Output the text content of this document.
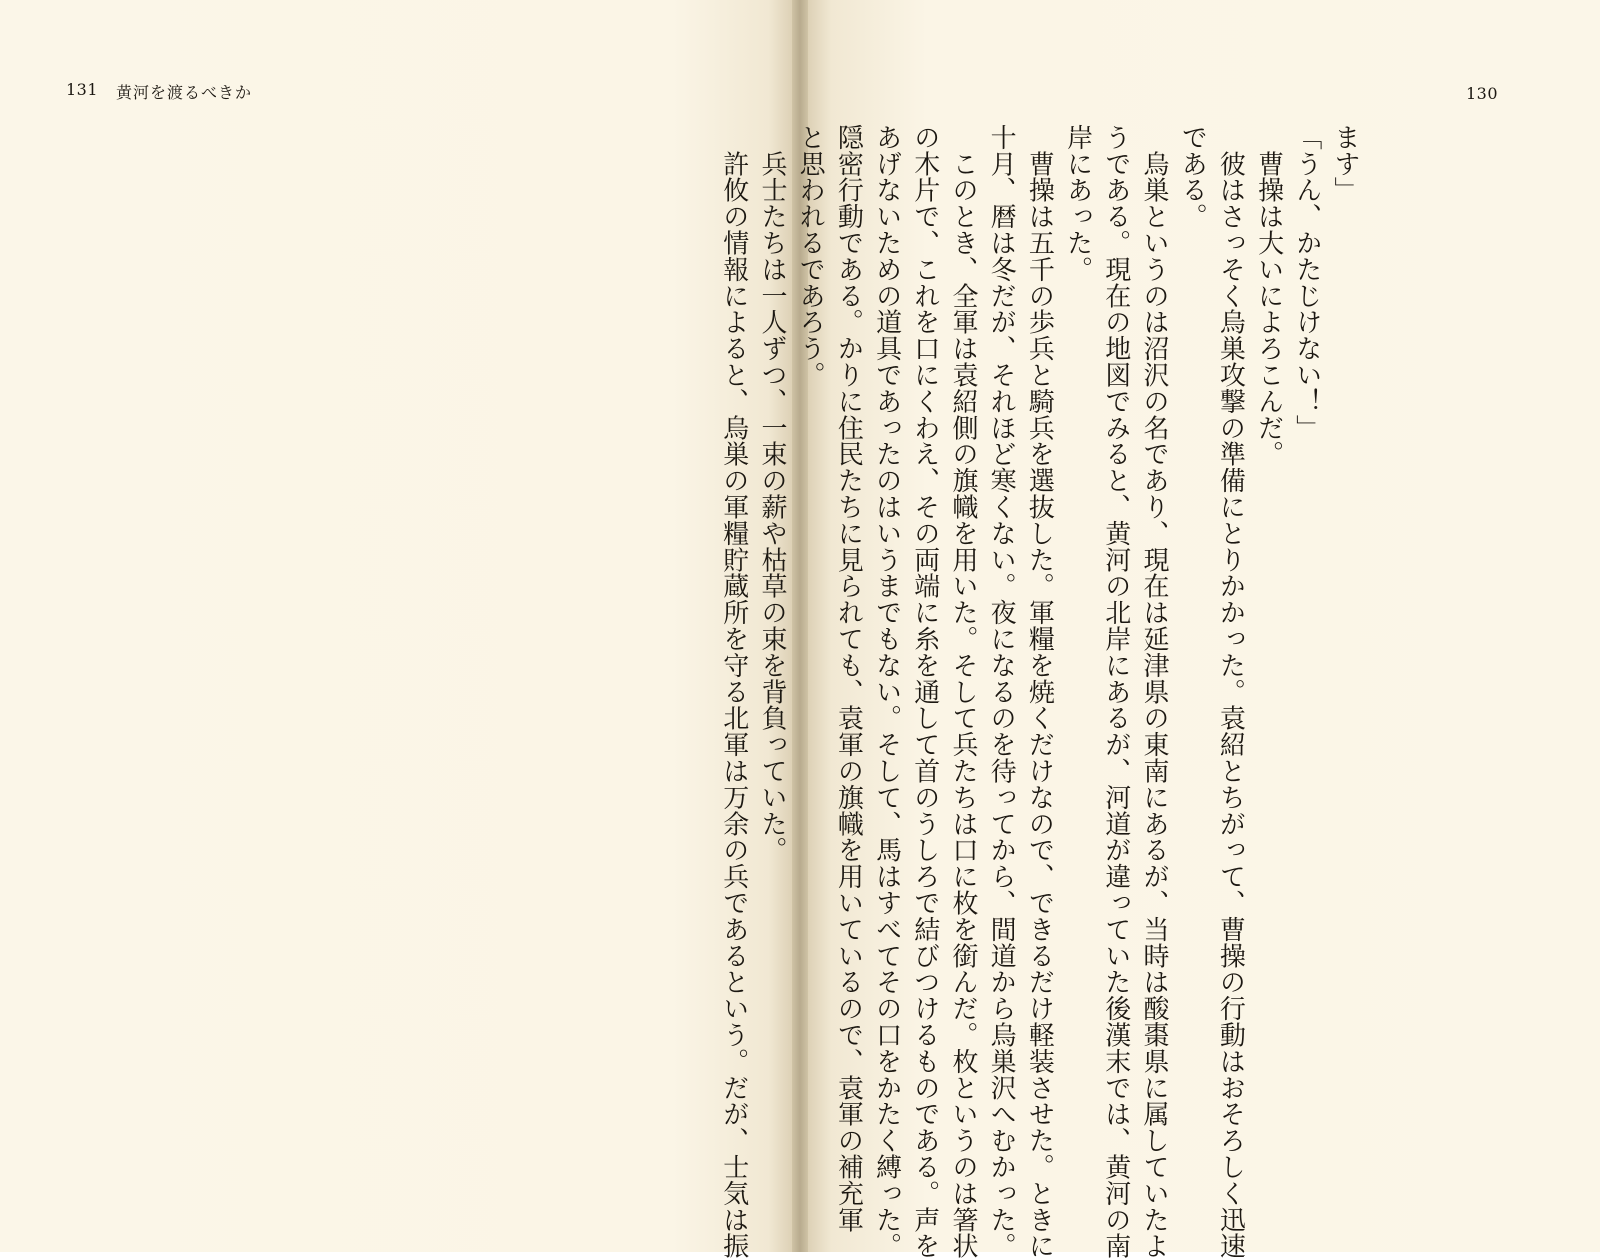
131 黄河を渡るべきか
ます」
「うん、かたじけない！」
　曹操は大いによろこんだ。
　彼はさっそく烏巣攻撃の準備にとりかかった。袁紹とちがって、曹操の行動はおそろしく迅速
である。
　烏巣というのは沼沢の名であり、現在は延津県の東南にあるが、当時は酸棗県に属していたよ
うである。現在の地図でみると、黄河の北岸にあるが、河道が違っていた後漢末では、黄河の南
岸にあった。
　曹操は五千の歩兵と騎兵を選抜した。軍糧を焼くだけなので、できるだけ軽装させた。ときに
十月、暦は冬だが、それほど寒くない。夜になるのを待ってから、間道から烏巣沢へむかった。
　このとき、全軍は袁紹側の旗幟を用いた。そして兵たちは口に枚を銜んだ。枚というのは箸状
の木片で、これを口にくわえ、その両端に糸を通して首のうしろで結びつけるものである。声を
あげないための道具であったのはいうまでもない。そして、馬はすべてその口をかたく縛った。
隠密行動である。かりに住民たちに見られても、袁軍の旗幟を用いているので、袁軍の補充軍
と思われるであろう。
　兵士たちは一人ずつ、一束の薪や枯草の束を背負っていた。
　許攸の情報によると、烏巣の軍糧貯蔵所を守る北軍は万余の兵であるという。だが、士気は振
130
